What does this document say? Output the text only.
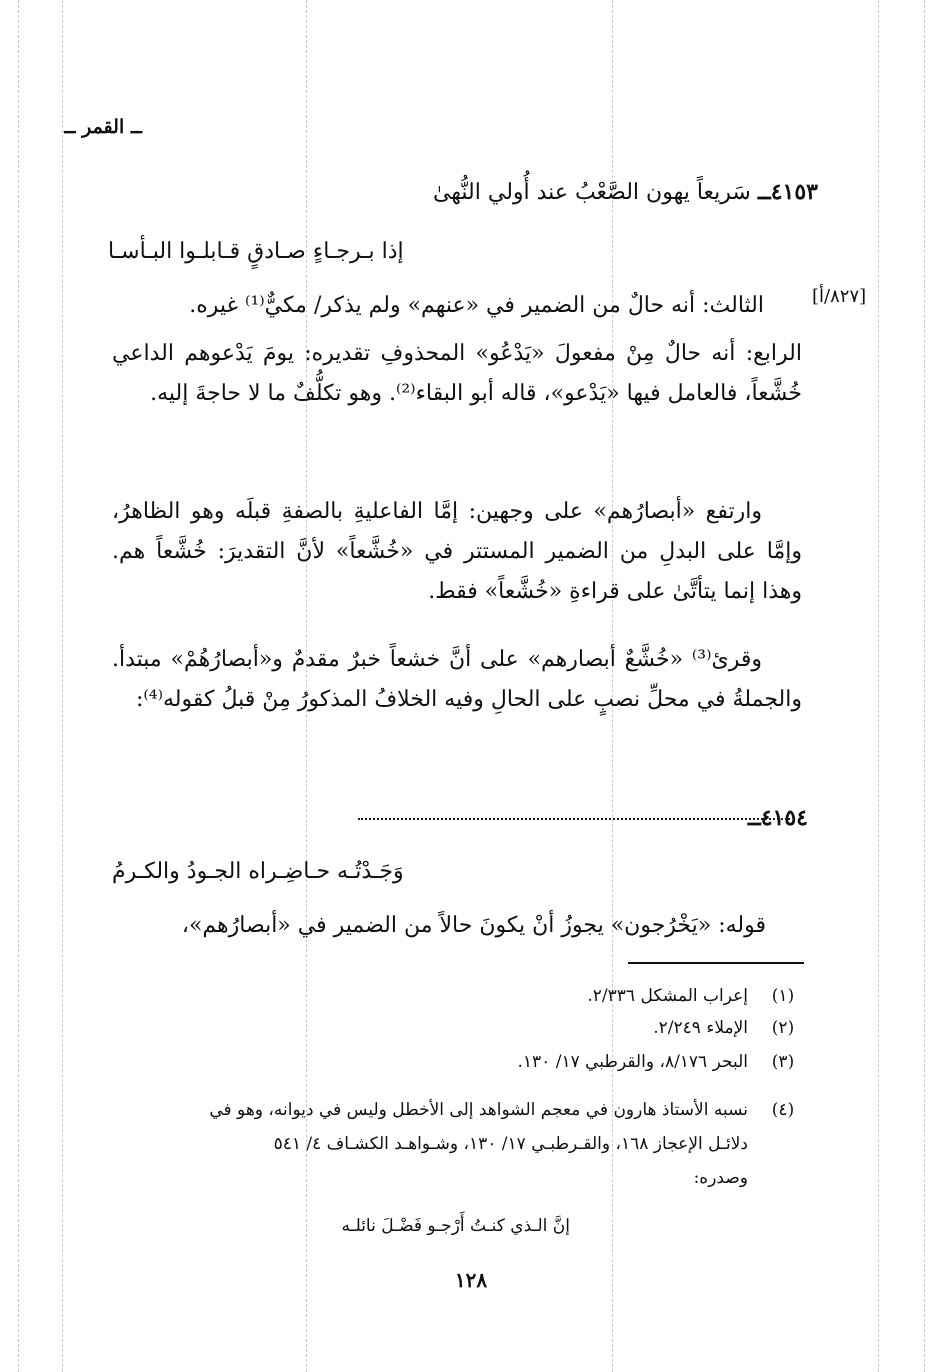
ــ القمر ــ
٤١٥٣ــ سَريعاً يهون الصَّعْبُ عند أُولي النُّهىٰ
إذا بـرجـاءٍ صـادقٍ قـابلـوا البـأسـا
[٨٢٧/أ]
الثالث: أنه حالٌ من الضمير في «عنهم» ولم يذكر/ مكيٌّ⁽¹⁾ غيره.
الرابع: أنه حالٌ مِنْ مفعولَ «يَدْعُو» المحذوفِ تقديره: يومَ يَدْعوهم الداعي خُشَّعاً، فالعامل فيها «يَدْعو»، قاله أبو البقاء⁽²⁾. وهو تكلُّفٌ ما لا حاجةَ إليه.
وارتفع «أبصارُهم» على وجهين: إمَّا الفاعليةِ بالصفةِ قبلَه وهو الظاهرُ، وإمَّا على البدلِ من الضمير المستتر في «خُشَّعاً» لأنَّ التقديرَ: خُشَّعاً هم. وهذا إنما يتأتَّىٰ على قراءةِ «خُشَّعاً» فقط.
وقرئ⁽³⁾ «خُشَّعٌ أبصارهم» على أنَّ خشعاً خبرٌ مقدمٌ و«أبصارُهُمْ» مبتدأ. والجملةُ في محلِّ نصبٍ على الحالِ وفيه الخلافُ المذكورُ مِنْ قبلُ كقوله⁽⁴⁾:
٤١٥٤ــ
وَجَـدْتُـه حـاضِـراه الجـودُ والكـرمُ
قوله: «يَخْرُجون» يجوزُ أنْ يكونَ حالاً من الضمير في «أبصارُهم»،
(١)
إعراب المشكل ٢/٣٣٦.
(٢)
الإملاء ٢/٢٤٩.
(٣)
البحر ٨/١٧٦، والقرطبي ١٧/ ١٣٠.
(٤)
نسبه الأستاذ هارون في معجم الشواهد إلى الأخطل وليس في ديوانه، وهو في
دلائـل الإعجاز ١٦٨، والقـرطبـي ١٧/ ١٣٠، وشـواهـد الكشـاف ٤/ ٥٤١
وصدره:
إنَّ الـذي كنـتُ أَرْجـو فَضْـلَ نائلـه
١٢٨
